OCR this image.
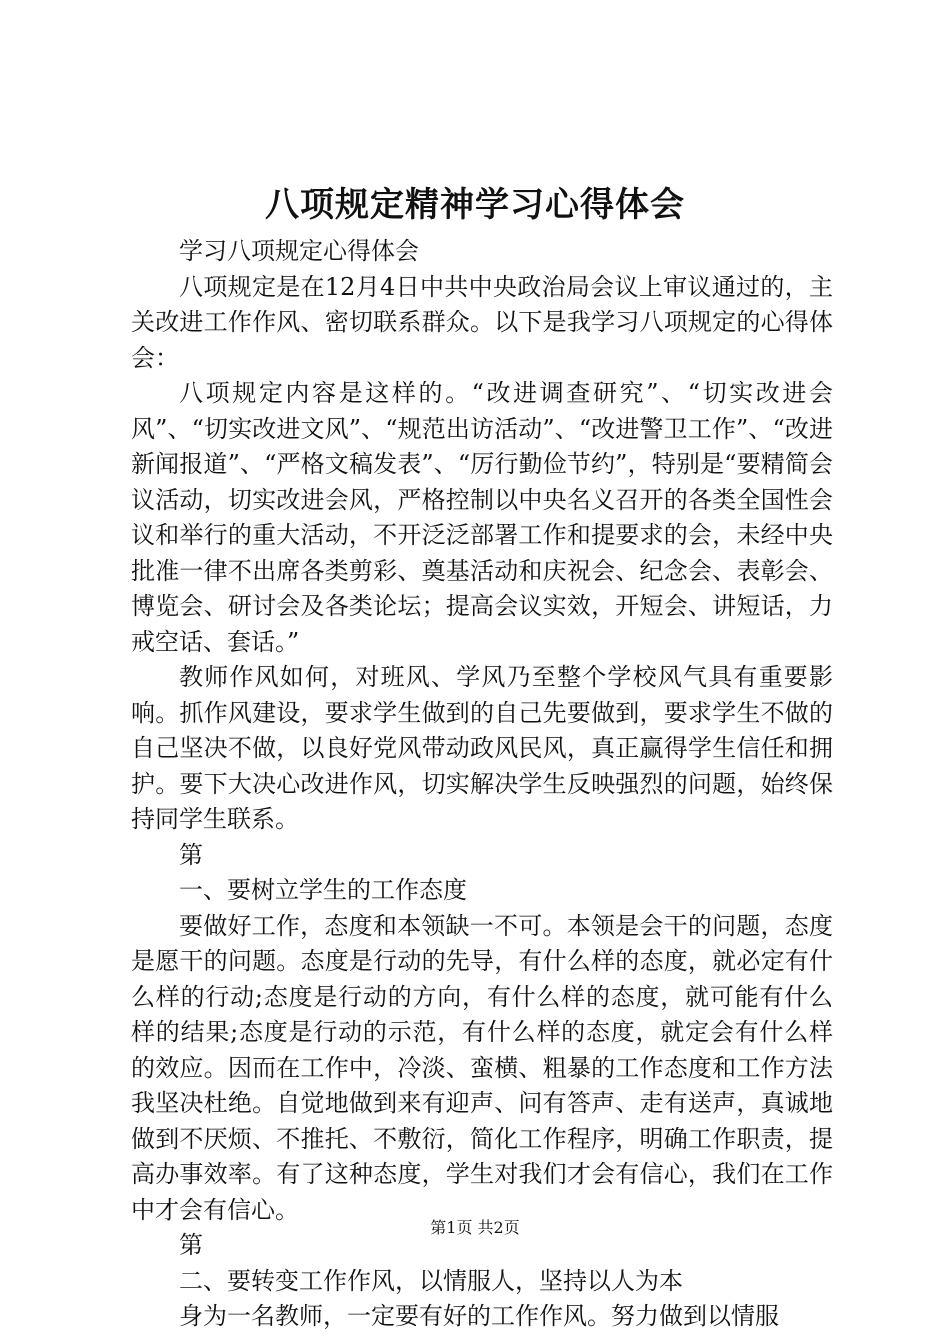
八项规定精神学习心得体会

学习八项规定心得体会

八项规定是在12月4日中共中央政治局会议上审议通过的，主关改进工作作风、密切联系群众。以下是我学习八项规定的心得体会：

八项规定内容是这样的。“改进调查研究”、“切实改进会风”、“切实改进文风”、“规范出访活动”、“改进警卫工作”、“改进新闻报道”、“严格文稿发表”、“厉行勤俭节约”，特别是“要精简会议活动，切实改进会风，严格控制以中央名义召开的各类全国性会议和举行的重大活动，不开泛泛部署工作和提要求的会，未经中央批准一律不出席各类剪彩、奠基活动和庆祝会、纪念会、表彰会、博览会、研讨会及各类论坛；提高会议实效，开短会、讲短话，力戒空话、套话。”

教师作风如何，对班风、学风乃至整个学校风气具有重要影响。抓作风建设，要求学生做到的自己先要做到，要求学生不做的自己坚决不做，以良好党风带动政风民风，真正赢得学生信任和拥护。要下大决心改进作风，切实解决学生反映强烈的问题，始终保持同学生联系。

第

一、要树立学生的工作态度

要做好工作，态度和本领缺一不可。本领是会干的问题，态度是愿干的问题。态度是行动的先导，有什么样的态度，就必定有什么样的行动;态度是行动的方向，有什么样的态度，就可能有什么样的结果;态度是行动的示范，有什么样的态度，就定会有什么样的效应。因而在工作中，冷淡、蛮横、粗暴的工作态度和工作方法我坚决杜绝。自觉地做到来有迎声、问有答声、走有送声，真诚地做到不厌烦、不推托、不敷衍，简化工作程序，明确工作职责，提高办事效率。有了这种态度，学生对我们才会有信心，我们在工作中才会有信心。

第

二、要转变工作作风，以情服人，坚持以人为本

身为一名教师，一定要有好的工作作风。努力做到以情服

第1页 共2页
